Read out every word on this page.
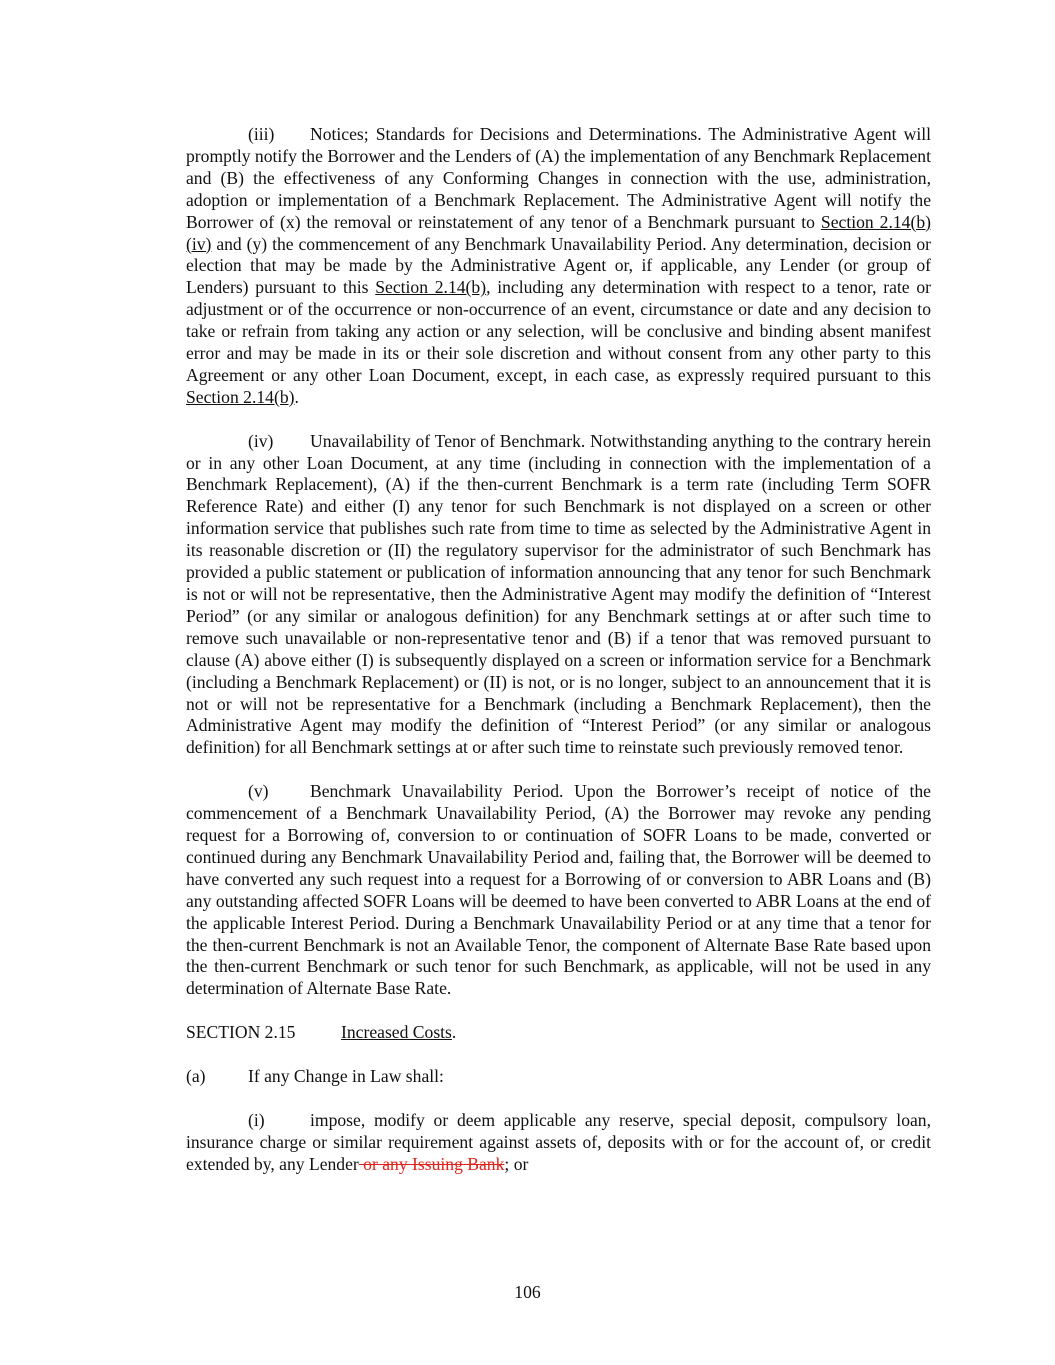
(iii) Notices; Standards for Decisions and Determinations. The Administrative Agent will promptly notify the Borrower and the Lenders of (A) the implementation of any Benchmark Replacement and (B) the effectiveness of any Conforming Changes in connection with the use, administration, adoption or implementation of a Benchmark Replacement. The Administrative Agent will notify the Borrower of (x) the removal or reinstatement of any tenor of a Benchmark pursuant to Section 2.14(b)(iv) and (y) the commencement of any Benchmark Unavailability Period. Any determination, decision or election that may be made by the Administrative Agent or, if applicable, any Lender (or group of Lenders) pursuant to this Section 2.14(b), including any determination with respect to a tenor, rate or adjustment or of the occurrence or non-occurrence of an event, circumstance or date and any decision to take or refrain from taking any action or any selection, will be conclusive and binding absent manifest error and may be made in its or their sole discretion and without consent from any other party to this Agreement or any other Loan Document, except, in each case, as expressly required pursuant to this Section 2.14(b).

(iv) Unavailability of Tenor of Benchmark. Notwithstanding anything to the contrary herein or in any other Loan Document, at any time (including in connection with the implementation of a Benchmark Replacement), (A) if the then-current Benchmark is a term rate (including Term SOFR Reference Rate) and either (I) any tenor for such Benchmark is not displayed on a screen or other information service that publishes such rate from time to time as selected by the Administrative Agent in its reasonable discretion or (II) the regulatory supervisor for the administrator of such Benchmark has provided a public statement or publication of information announcing that any tenor for such Benchmark is not or will not be representative, then the Administrative Agent may modify the definition of “Interest Period” (or any similar or analogous definition) for any Benchmark settings at or after such time to remove such unavailable or non-representative tenor and (B) if a tenor that was removed pursuant to clause (A) above either (I) is subsequently displayed on a screen or information service for a Benchmark (including a Benchmark Replacement) or (II) is not, or is no longer, subject to an announcement that it is not or will not be representative for a Benchmark (including a Benchmark Replacement), then the Administrative Agent may modify the definition of “Interest Period” (or any similar or analogous definition) for all Benchmark settings at or after such time to reinstate such previously removed tenor.

(v) Benchmark Unavailability Period. Upon the Borrower’s receipt of notice of the commencement of a Benchmark Unavailability Period, (A) the Borrower may revoke any pending request for a Borrowing of, conversion to or continuation of SOFR Loans to be made, converted or continued during any Benchmark Unavailability Period and, failing that, the Borrower will be deemed to have converted any such request into a request for a Borrowing of or conversion to ABR Loans and (B) any outstanding affected SOFR Loans will be deemed to have been converted to ABR Loans at the end of the applicable Interest Period. During a Benchmark Unavailability Period or at any time that a tenor for the then-current Benchmark is not an Available Tenor, the component of Alternate Base Rate based upon the then-current Benchmark or such tenor for such Benchmark, as applicable, will not be used in any determination of Alternate Base Rate.

SECTION 2.15	Increased Costs.

(a) If any Change in Law shall:

(i)	impose, modify or deem applicable any reserve, special deposit, compulsory loan, insurance charge or similar requirement against assets of, deposits with or for the account of, or credit extended by, any Lender or any Issuing Bank; or

106
